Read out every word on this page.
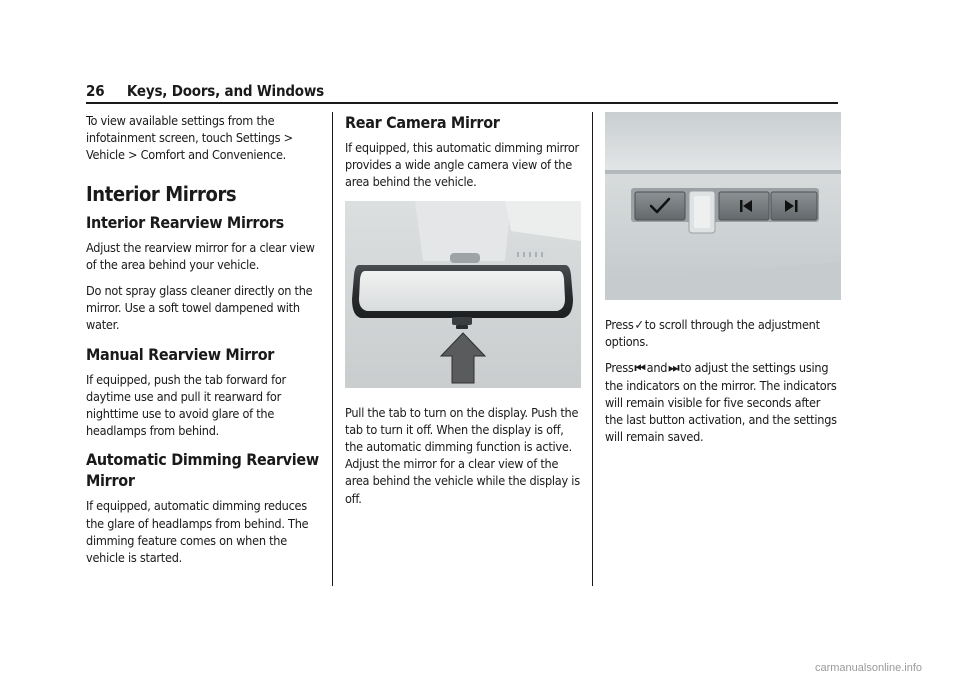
26 Keys, Doors, and Windows

To view available settings from the infotainment screen, touch Settings > Vehicle > Comfort and Convenience.

Interior Mirrors
Interior Rearview Mirrors

Adjust the rearview mirror for a clear view of the area behind your vehicle.

Do not spray glass cleaner directly on the mirror. Use a soft towel dampened with water.

Manual Rearview Mirror

If equipped, push the tab forward for daytime use and pull it rearward for nighttime use to avoid glare of the headlamps from behind.

Automatic Dimming Rearview
Mirror

If equipped, automatic dimming reduces the glare of headlamps from behind. The dimming feature comes on when the vehicle is started.

Rear Camera Mirror

If equipped, this automatic dimming mirror provides a wide angle camera view of the area behind the vehicle.

Pull the tab to turn on the display. Push the tab to turn it off. When the display is off, the automatic dimming function is active. Adjust the mirror for a clear view of the area behind the vehicle while the display is off.

Press✓to scroll through the adjustment options.

Press⏮and⏭to adjust the settings using the indicators on the mirror. The indicators will remain visible for five seconds after the last button activation, and the settings will remain saved.

carmanualsonline.info
